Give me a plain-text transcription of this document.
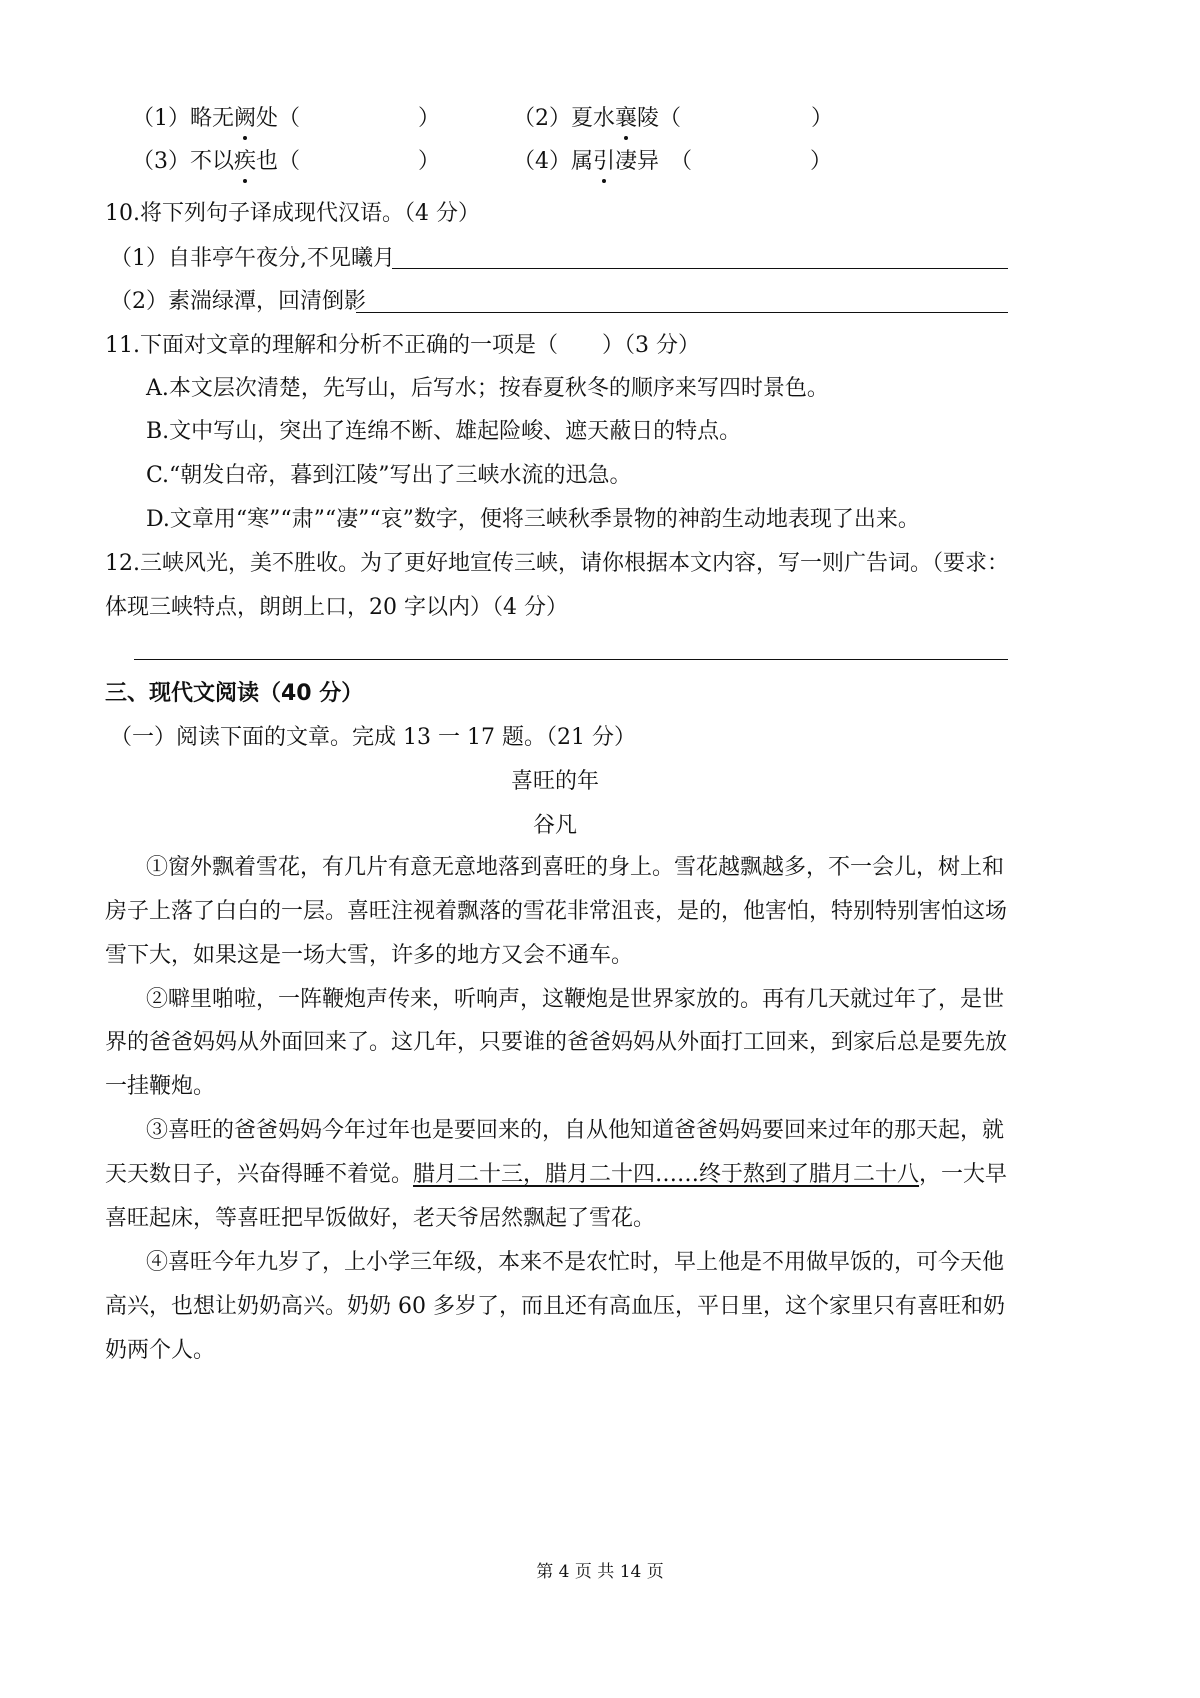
（1）略无阙处（	）	（2）夏水襄陵（	）
（3）不以疾也（	）	（4）属引凄异　（	）
10.将下列句子译成现代汉语。（4 分）
（1）自非亭午夜分,不见曦月
（2）素湍绿潭，回清倒影
11.下面对文章的理解和分析不正确的一项是（　　）（3 分）
A.本文层次清楚，先写山，后写水；按春夏秋冬的顺序来写四时景色。
B.文中写山，突出了连绵不断、雄起险峻、遮天蔽日的特点。
C.“朝发白帝，暮到江陵”写出了三峡水流的迅急。
D.文章用“寒”“肃”“凄”“哀”数字，便将三峡秋季景物的神韵生动地表现了出来。
12.三峡风光，美不胜收。为了更好地宣传三峡，请你根据本文内容，写一则广告词。（要求：
体现三峡特点，朗朗上口，20 字以内）（4 分）
三、现代文阅读（40 分）
（一）阅读下面的文章。完成 13 一 17 题。（21 分）
喜旺的年
谷凡
①窗外飘着雪花，有几片有意无意地落到喜旺的身上。雪花越飘越多，不一会儿，树上和
房子上落了白白的一层。喜旺注视着飘落的雪花非常沮丧，是的，他害怕，特别特别害怕这场
雪下大，如果这是一场大雪，许多的地方又会不通车。
②噼里啪啦，一阵鞭炮声传来，听响声，这鞭炮是世界家放的。再有几天就过年了，是世
界的爸爸妈妈从外面回来了。这几年，只要谁的爸爸妈妈从外面打工回来，到家后总是要先放
一挂鞭炮。
③喜旺的爸爸妈妈今年过年也是要回来的，自从他知道爸爸妈妈要回来过年的那天起，就
天天数日子，兴奋得睡不着觉。腊月二十三，腊月二十四……终于熬到了腊月二十八，一大早
喜旺起床，等喜旺把早饭做好，老天爷居然飘起了雪花。
④喜旺今年九岁了，上小学三年级，本来不是农忙时，早上他是不用做早饭的，可今天他
高兴，也想让奶奶高兴。奶奶 60 多岁了，而且还有高血压，平日里，这个家里只有喜旺和奶
奶两个人。
第 4 页 共 14 页
